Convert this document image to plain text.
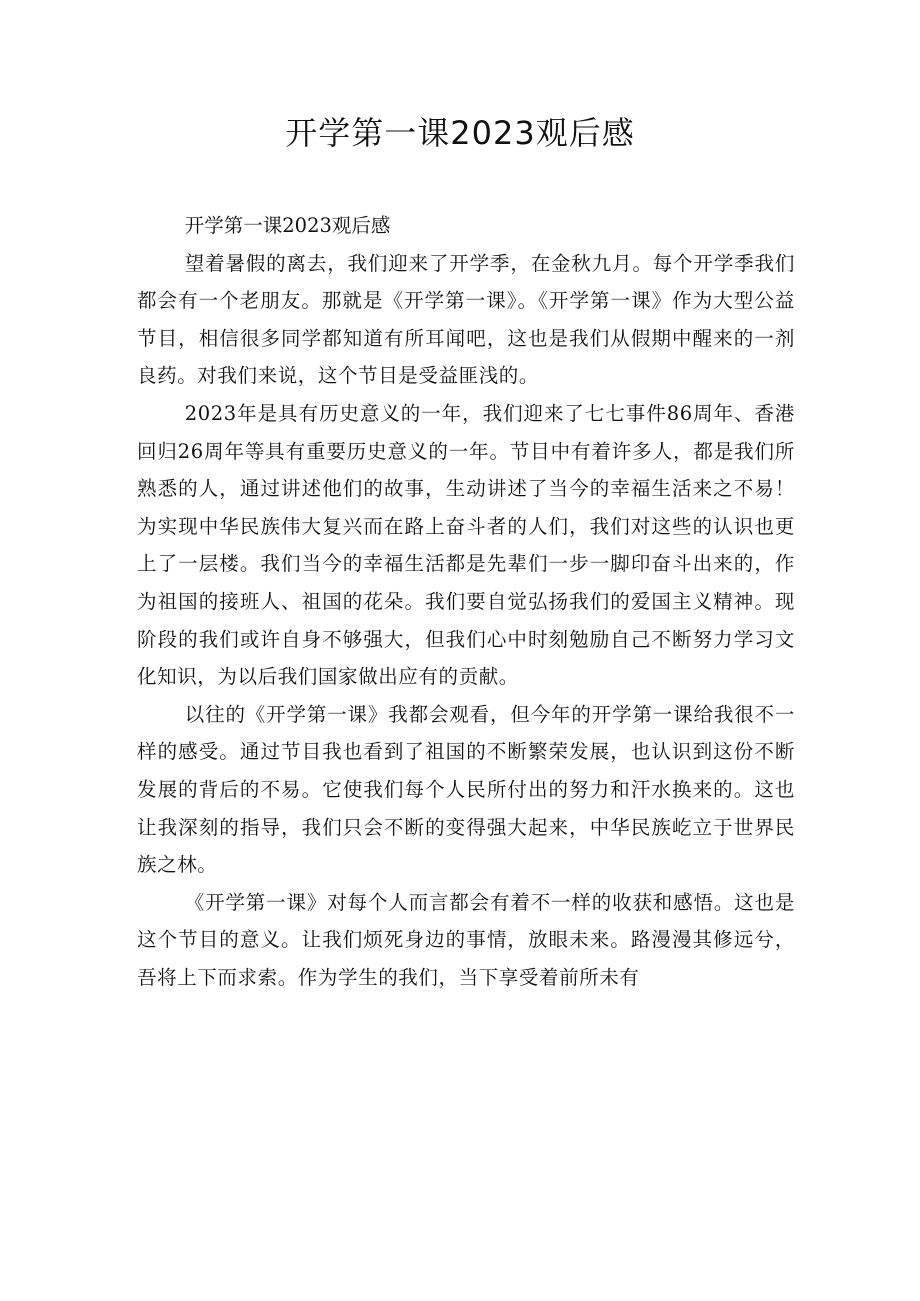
开学第一课2023观后感

开学第一课2023观后感

望着暑假的离去，我们迎来了开学季，在金秋九月。每个开学季我们都会有一个老朋友。那就是《开学第一课》。《开学第一课》作为大型公益节目，相信很多同学都知道有所耳闻吧，这也是我们从假期中醒来的一剂良药。对我们来说，这个节目是受益匪浅的。

2023年是具有历史意义的一年，我们迎来了七七事件86周年、香港回归26周年等具有重要历史意义的一年。节目中有着许多人，都是我们所熟悉的人，通过讲述他们的故事，生动讲述了当今的幸福生活来之不易！为实现中华民族伟大复兴而在路上奋斗者的人们，我们对这些的认识也更上了一层楼。我们当今的幸福生活都是先辈们一步一脚印奋斗出来的，作为祖国的接班人、祖国的花朵。我们要自觉弘扬我们的爱国主义精神。现阶段的我们或许自身不够强大，但我们心中时刻勉励自己不断努力学习文化知识，为以后我们国家做出应有的贡献。

以往的《开学第一课》我都会观看，但今年的开学第一课给我很不一样的感受。通过节目我也看到了祖国的不断繁荣发展，也认识到这份不断发展的背后的不易。它使我们每个人民所付出的努力和汗水换来的。这也让我深刻的指导，我们只会不断的变得强大起来，中华民族屹立于世界民族之林。

《开学第一课》对每个人而言都会有着不一样的收获和感悟。这也是这个节目的意义。让我们烦死身边的事情，放眼未来。路漫漫其修远兮，吾将上下而求索。作为学生的我们，当下享受着前所未有
